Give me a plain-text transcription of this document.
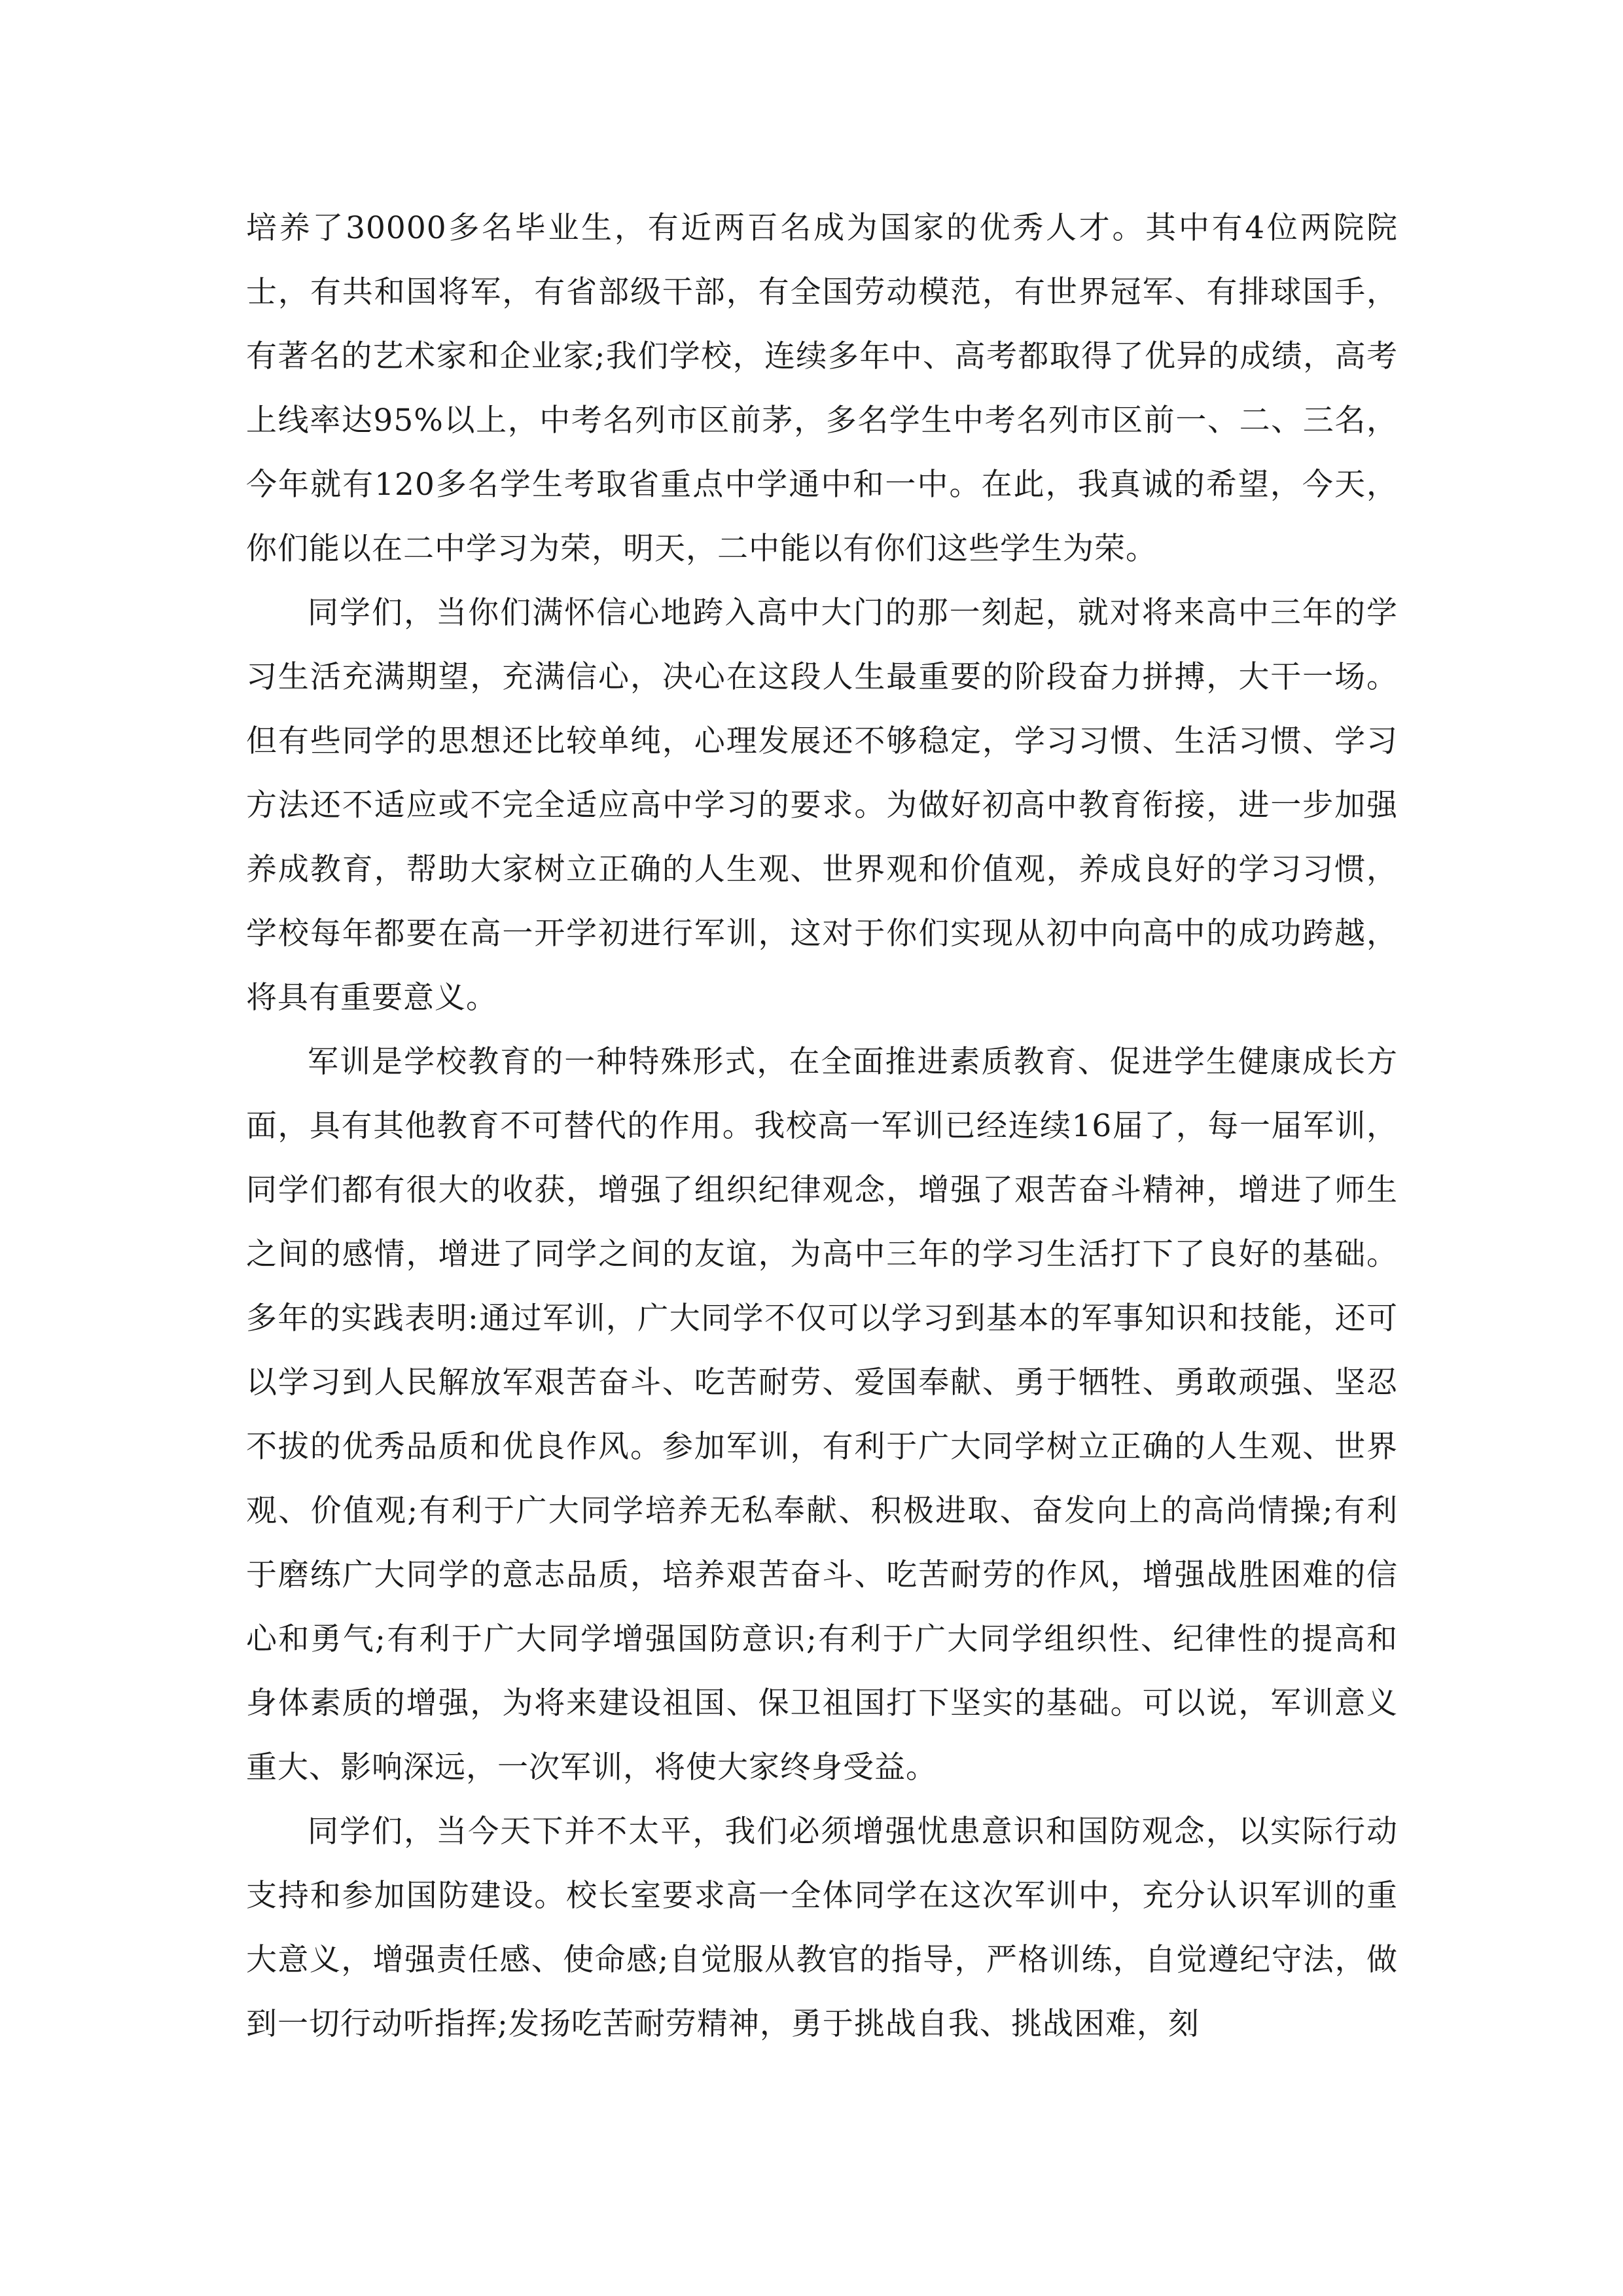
培养了30000多名毕业生，有近两百名成为国家的优秀人才。其中有4位两院院士，有共和国将军，有省部级干部，有全国劳动模范，有世界冠军、有排球国手，有著名的艺术家和企业家;我们学校，连续多年中、高考都取得了优异的成绩，高考上线率达95%以上，中考名列市区前茅，多名学生中考名列市区前一、二、三名，今年就有120多名学生考取省重点中学通中和一中。在此，我真诚的希望，今天，你们能以在二中学习为荣，明天，二中能以有你们这些学生为荣。

同学们，当你们满怀信心地跨入高中大门的那一刻起，就对将来高中三年的学习生活充满期望，充满信心，决心在这段人生最重要的阶段奋力拼搏，大干一场。但有些同学的思想还比较单纯，心理发展还不够稳定，学习习惯、生活习惯、学习方法还不适应或不完全适应高中学习的要求。为做好初高中教育衔接，进一步加强养成教育，帮助大家树立正确的人生观、世界观和价值观，养成良好的学习习惯，学校每年都要在高一开学初进行军训，这对于你们实现从初中向高中的成功跨越，将具有重要意义。

军训是学校教育的一种特殊形式，在全面推进素质教育、促进学生健康成长方面，具有其他教育不可替代的作用。我校高一军训已经连续16届了，每一届军训，同学们都有很大的收获，增强了组织纪律观念，增强了艰苦奋斗精神，增进了师生之间的感情，增进了同学之间的友谊，为高中三年的学习生活打下了良好的基础。多年的实践表明:通过军训，广大同学不仅可以学习到基本的军事知识和技能，还可以学习到人民解放军艰苦奋斗、吃苦耐劳、爱国奉献、勇于牺牲、勇敢顽强、坚忍不拔的优秀品质和优良作风。参加军训，有利于广大同学树立正确的人生观、世界观、价值观;有利于广大同学培养无私奉献、积极进取、奋发向上的高尚情操;有利于磨练广大同学的意志品质，培养艰苦奋斗、吃苦耐劳的作风，增强战胜困难的信心和勇气;有利于广大同学增强国防意识;有利于广大同学组织性、纪律性的提高和身体素质的增强，为将来建设祖国、保卫祖国打下坚实的基础。可以说，军训意义重大、影响深远，一次军训，将使大家终身受益。

同学们，当今天下并不太平，我们必须增强忧患意识和国防观念，以实际行动支持和参加国防建设。校长室要求高一全体同学在这次军训中，充分认识军训的重大意义，增强责任感、使命感;自觉服从教官的指导，严格训练，自觉遵纪守法，做到一切行动听指挥;发扬吃苦耐劳精神，勇于挑战自我、挑战困难，刻
